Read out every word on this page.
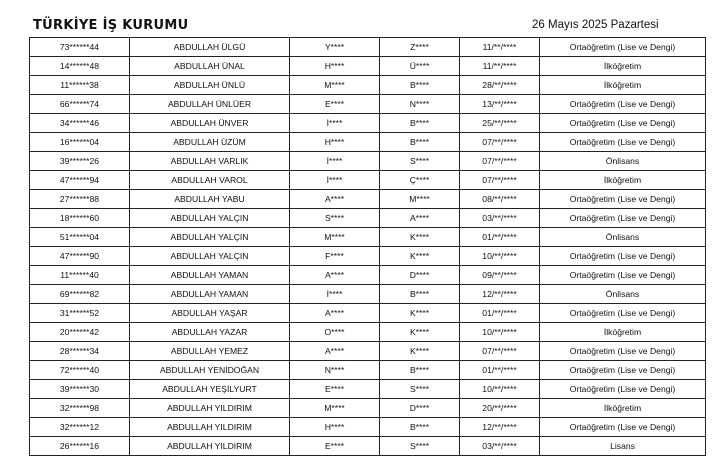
TÜRKİYE İŞ KURUMU	26 Mayıs 2025 Pazartesi
73******44	ABDULLAH ÜLGÜ	Y****	Z****	11/**/****	Ortaöğretim (Lise ve Dengi)
14******48	ABDULLAH ÜNAL	H****	Ü****	11/**/****	İlköğretim
11******38	ABDULLAH ÜNLÜ	M****	B****	28/**/****	İlköğretim
66******74	ABDULLAH ÜNLÜER	E****	N****	13/**/****	Ortaöğretim (Lise ve Dengi)
34******46	ABDULLAH ÜNVER	İ****	B****	25/**/****	Ortaöğretim (Lise ve Dengi)
16******04	ABDULLAH ÜZÜM	H****	B****	07/**/****	Ortaöğretim (Lise ve Dengi)
39******26	ABDULLAH VARLIK	İ****	S****	07/**/****	Önlisans
47******94	ABDULLAH VAROL	İ****	Ç****	07/**/****	İlköğretim
27******88	ABDULLAH YABU	A****	M****	08/**/****	Ortaöğretim (Lise ve Dengi)
18******60	ABDULLAH YALÇIN	S****	A****	03/**/****	Ortaöğretim (Lise ve Dengi)
51******04	ABDULLAH YALÇIN	M****	K****	01/**/****	Önlisans
47******90	ABDULLAH YALÇIN	F****	K****	10/**/****	Ortaöğretim (Lise ve Dengi)
11******40	ABDULLAH YAMAN	A****	D****	09/**/****	Ortaöğretim (Lise ve Dengi)
69******82	ABDULLAH YAMAN	İ****	B****	12/**/****	Önlisans
31******52	ABDULLAH YAŞAR	A****	K****	01/**/****	Ortaöğretim (Lise ve Dengi)
20******42	ABDULLAH YAZAR	O****	K****	10/**/****	İlköğretim
28******34	ABDULLAH YEMEZ	A****	K****	07/**/****	Ortaöğretim (Lise ve Dengi)
72******40	ABDULLAH YENİDOĞAN	N****	B****	01/**/****	Ortaöğretim (Lise ve Dengi)
39******30	ABDULLAH YEŞİLYURT	E****	S****	10/**/****	Ortaöğretim (Lise ve Dengi)
32******98	ABDULLAH YILDIRIM	M****	D****	20/**/****	İlköğretim
32******12	ABDULLAH YILDIRIM	H****	B****	12/**/****	Ortaöğretim (Lise ve Dengi)
26******16	ABDULLAH YILDIRIM	E****	S****	03/**/****	Lisans
